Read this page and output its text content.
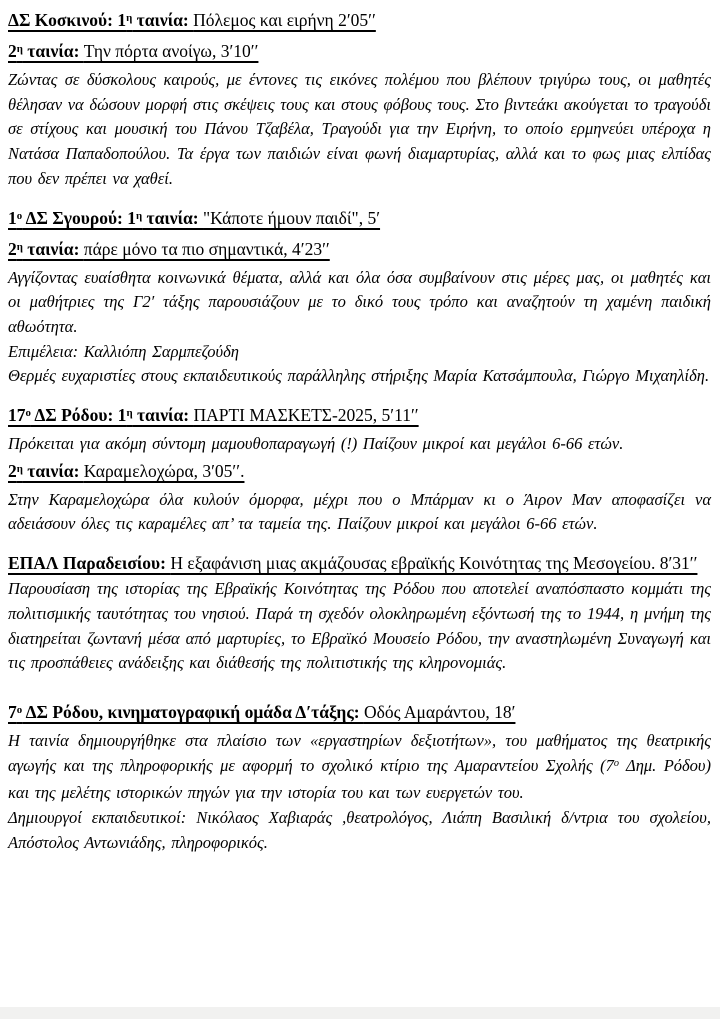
ΔΣ Κοσκινού: $1^\eta$ ταινία: Πόλεμος και ειρήνη 2′05′′

$2^\eta$ ταινία: Την πόρτα ανοίγω, 3′10′′

Ζώντας σε δύσκολους καιρούς, με έντονες τις εικόνες πολέμου που βλέπουν τριγύρω τους, οι μαθητές θέλησαν να δώσουν μορφή στις σκέψεις τους και στους φόβους τους. Στο βιντεάκι ακούγεται το τραγούδι σε στίχους και μουσική του Πάνου Τζαβέλα, Τραγούδι για την Ειρήνη, το οποίο ερμηνεύει υπέροχα η Νατάσα Παπαδοπούλου. Τα έργα των παιδιών είναι φωνή διαμαρτυρίας, αλλά και το φως μιας ελπίδας που δεν πρέπει να χαθεί.

$1^o$ ΔΣ Σγουρού: $1^\eta$ ταινία: "Κάποτε ήμουν παιδί", 5′

$2^\eta$ ταινία: πάρε μόνο τα πιο σημαντικά, 4′23′′

Αγγίζοντας ευαίσθητα κοινωνικά θέματα, αλλά και όλα όσα συμβαίνουν στις μέρες μας, οι μαθητές και οι μαθήτριες της Γ2′ τάξης παρουσιάζουν με το δικό τους τρόπο και αναζητούν τη χαμένη παιδική αθωότητα.

Επιμέλεια: Καλλιόπη Σαρμπεζούδη

Θερμές ευχαριστίες στους εκπαιδευτικούς παράλληλης στήριξης Μαρία Κατσάμπουλα, Γιώργο Μιχαηλίδη.

$17^o$ ΔΣ Ρόδου: $1^\eta$ ταινία: ΠΑΡΤΙ ΜΑΣΚΕΤΣ-2025, 5′11′′

Πρόκειται για ακόμη σύντομη μαμουθοπαραγωγή (!) Παίζουν μικροί και μεγάλοι 6-66 ετών.

$2^\eta$ ταινία: Καραμελοχώρα, 3′05′′.

Στην Καραμελοχώρα όλα κυλούν όμορφα, μέχρι που ο Μπάρμαν κι ο Άιρον Μαν αποφασίζει να αδειάσουν όλες τις καραμέλες απ’ τα ταμεία της. Παίζουν μικροί και μεγάλοι 6-66 ετών.

ΕΠΑΛ Παραδεισίου: Η εξαφάνιση μιας ακμάζουσας εβραϊκής Κοινότητας της Μεσογείου. 8′31′′

Παρουσίαση της ιστορίας της Εβραϊκής Κοινότητας της Ρόδου που αποτελεί αναπόσπαστο κομμάτι της πολιτισμικής ταυτότητας του νησιού. Παρά τη σχεδόν ολοκληρωμένη εξόντωσή της το 1944, η μνήμη της διατηρείται ζωντανή μέσα από μαρτυρίες, το Εβραϊκό Μουσείο Ρόδου, την αναστηλωμένη Συναγωγή και τις προσπάθειες ανάδειξης και διάθεσής της πολιτιστικής της κληρονομιάς.

$7^o$ ΔΣ Ρόδου, κινηματογραφική ομάδα Δ′τάξης: Οδός Αμαράντου, 18′

Η ταινία δημιουργήθηκε στα πλαίσιο των «εργαστηρίων δεξιοτήτων», του μαθήματος της θεατρικής αγωγής και της πληροφορικής με αφορμή το σχολικό κτίριο της Αμαραντείου Σχολής ($7^o$ Δημ. Ρόδου) και της μελέτης ιστορικών πηγών για την ιστορία του και των ευεργετών του.

Δημιουργοί εκπαιδευτικοί: Νικόλαος Χαβιαράς ,θεατρολόγος, Λιάπη Βασιλική δ/ντρια του σχολείου, Απόστολος Αντωνιάδης, πληροφορικός.
